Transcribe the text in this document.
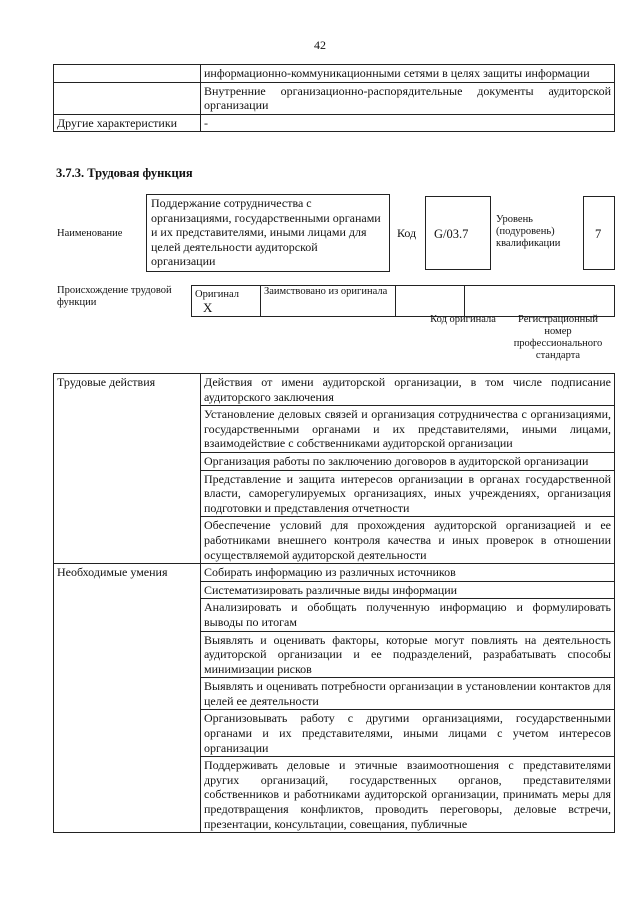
42
	информационно-коммуникационными сетями в целях защиты информации
	Внутренние организационно-распорядительные документы аудиторской организации
Другие характеристики	-
3.7.3. Трудовая функция
Наименование
Поддержание сотрудничества с организациями, государственными органами и их представителями, иными лицами для целей деятельности аудиторской организации
Код G/03.7
Уровень (подуровень) квалификации
7
Происхождение трудовой функции
Оригинал X	Заимствовано из оригинала		
Код оригинала	Регистрационный номер профессионального стандарта
Трудовые действия	Действия от имени аудиторской организации, в том числе подписание аудиторского заключения
	Установление деловых связей и организация сотрудничества с организациями, государственными органами и их представителями, иными лицами, взаимодействие с собственниками аудиторской организации
	Организация работы по заключению договоров в аудиторской организации
	Представление и защита интересов организации в органах государственной власти, саморегулируемых организациях, иных учреждениях, организация подготовки и представления отчетности
	Обеспечение условий для прохождения аудиторской организацией и ее работниками внешнего контроля качества и иных проверок в отношении осуществляемой аудиторской деятельности
Необходимые умения	Собирать информацию из различных источников
	Систематизировать различные виды информации
	Анализировать и обобщать полученную информацию и формулировать выводы по итогам
	Выявлять и оценивать факторы, которые могут повлиять на деятельность аудиторской организации и ее подразделений, разрабатывать способы минимизации рисков
	Выявлять и оценивать потребности организации в установлении контактов для целей ее деятельности
	Организовывать работу с другими организациями, государственными органами и их представителями, иными лицами с учетом интересов организации
	Поддерживать деловые и этичные взаимоотношения с представителями других организаций, государственных органов, представителями собственников и работниками аудиторской организации, принимать меры для предотвращения конфликтов, проводить переговоры, деловые встречи, презентации, консультации, совещания, публичные
